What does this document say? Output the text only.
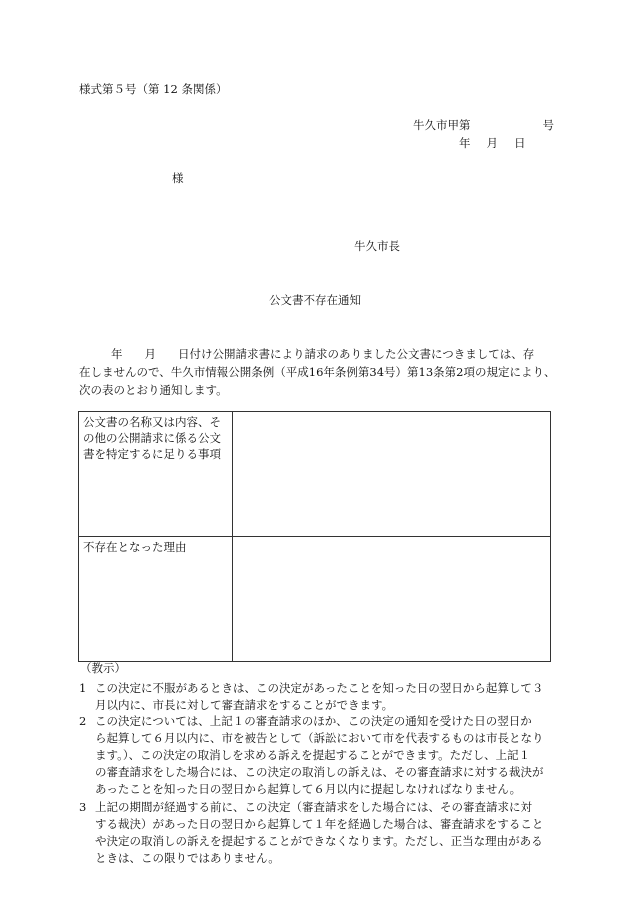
様式第５号（第 12 条関係）
牛久市甲第	号
年 月 日
様
牛久市長
公文書不存在通知
年 月 日付け公開請求書により請求のありました公文書につきましては、存
在しませんので、牛久市情報公開条例（平成16年条例第34号）第13条第2項の規定により、
次の表のとおり通知します。
公文書の名称又は内容、その他の公開請求に係る公文書を特定するに足りる事項	
不存在となった理由	
（教示）
1 この決定に不服があるときは、この決定があったことを知った日の翌日から起算して３
月以内に、市長に対して審査請求をすることができます。
2 この決定については、上記１の審査請求のほか、この決定の通知を受けた日の翌日か
ら起算して６月以内に、市を被告として（訴訟において市を代表するものは市長となり
ます。）、この決定の取消しを求める訴えを提起することができます。ただし、上記１
の審査請求をした場合には、この決定の取消しの訴えは、その審査請求に対する裁決が
あったことを知った日の翌日から起算して６月以内に提起しなければなりません。
3 上記の期間が経過する前に、この決定（審査請求をした場合には、その審査請求に対
する裁決）があった日の翌日から起算して１年を経過した場合は、審査請求をすること
や決定の取消しの訴えを提起することができなくなります。ただし、正当な理由がある
ときは、この限りではありません。
